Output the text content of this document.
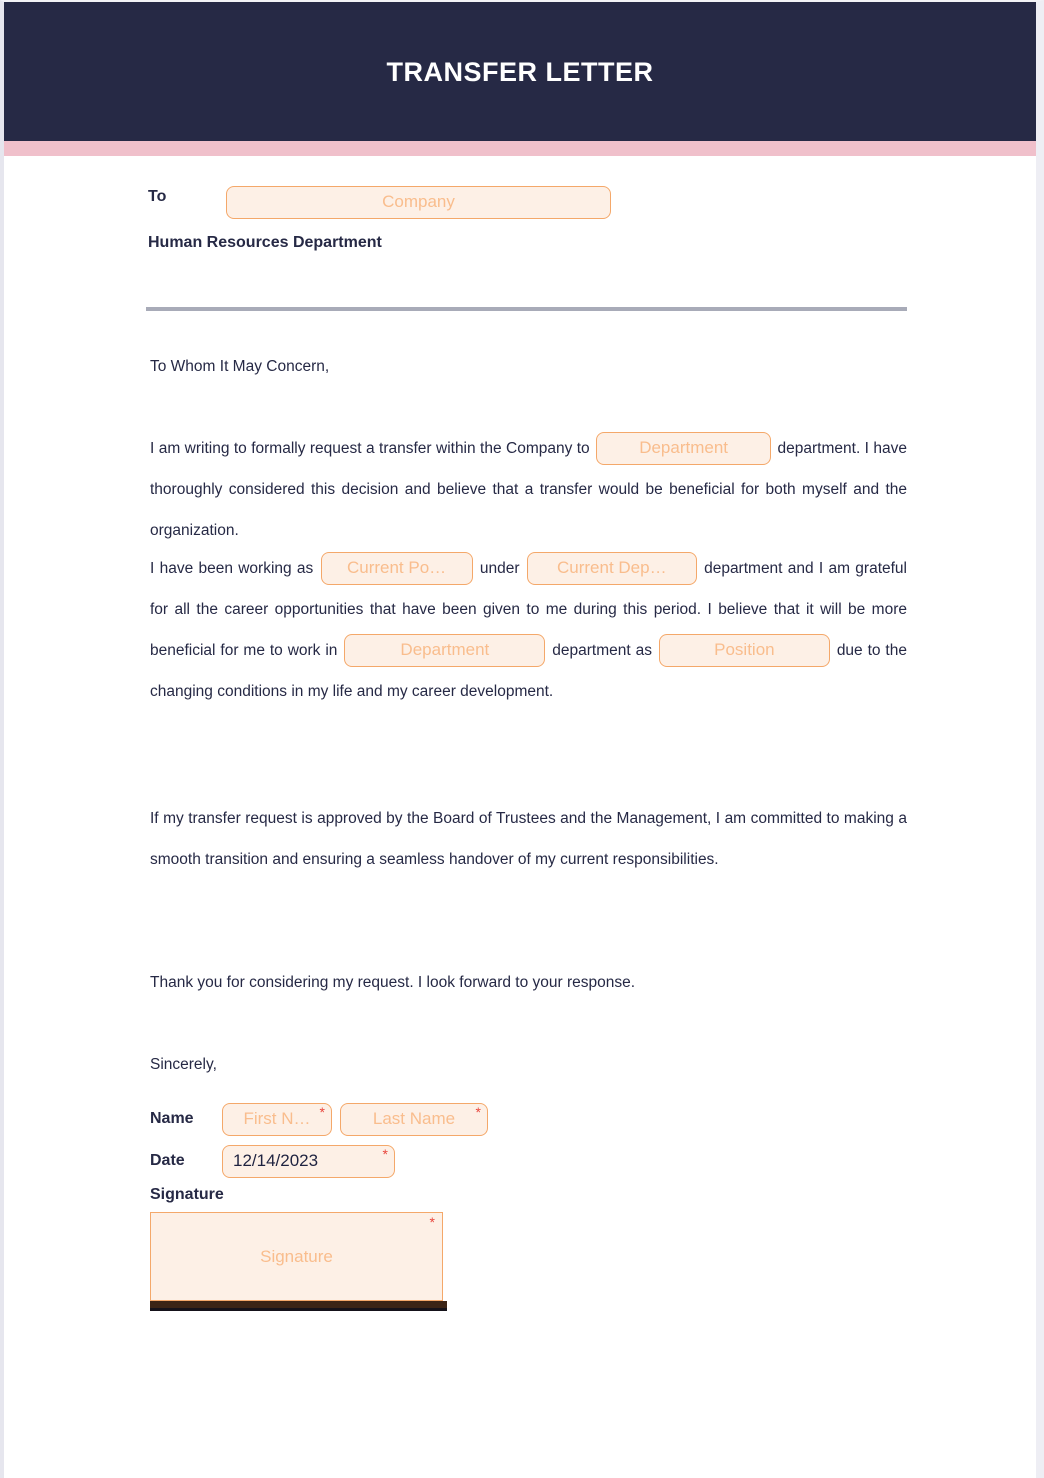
TRANSFER LETTER
To	Company
Human Resources Department
To Whom It May Concern,
I am writing to formally request a transfer within the Company to	Department	department. I have thoroughly considered this decision and believe that a transfer would be beneficial for both myself and the organization.
I have been working as Current Po… under Current Dep… department and I am grateful for all the career opportunities that have been given to me during this period. I believe that it will be more beneficial for me to work in	Department	department as	Position	due to the changing conditions in my life and my career development.
If my transfer request is approved by the Board of Trustees and the Management, I am committed to making a smooth transition and ensuring a seamless handover of my current responsibilities.
Thank you for considering my request. I look forward to your response.
Sincerely,
Name	First N… *	Last Name *
Date	12/14/2023	*
Signature
Signature
*
